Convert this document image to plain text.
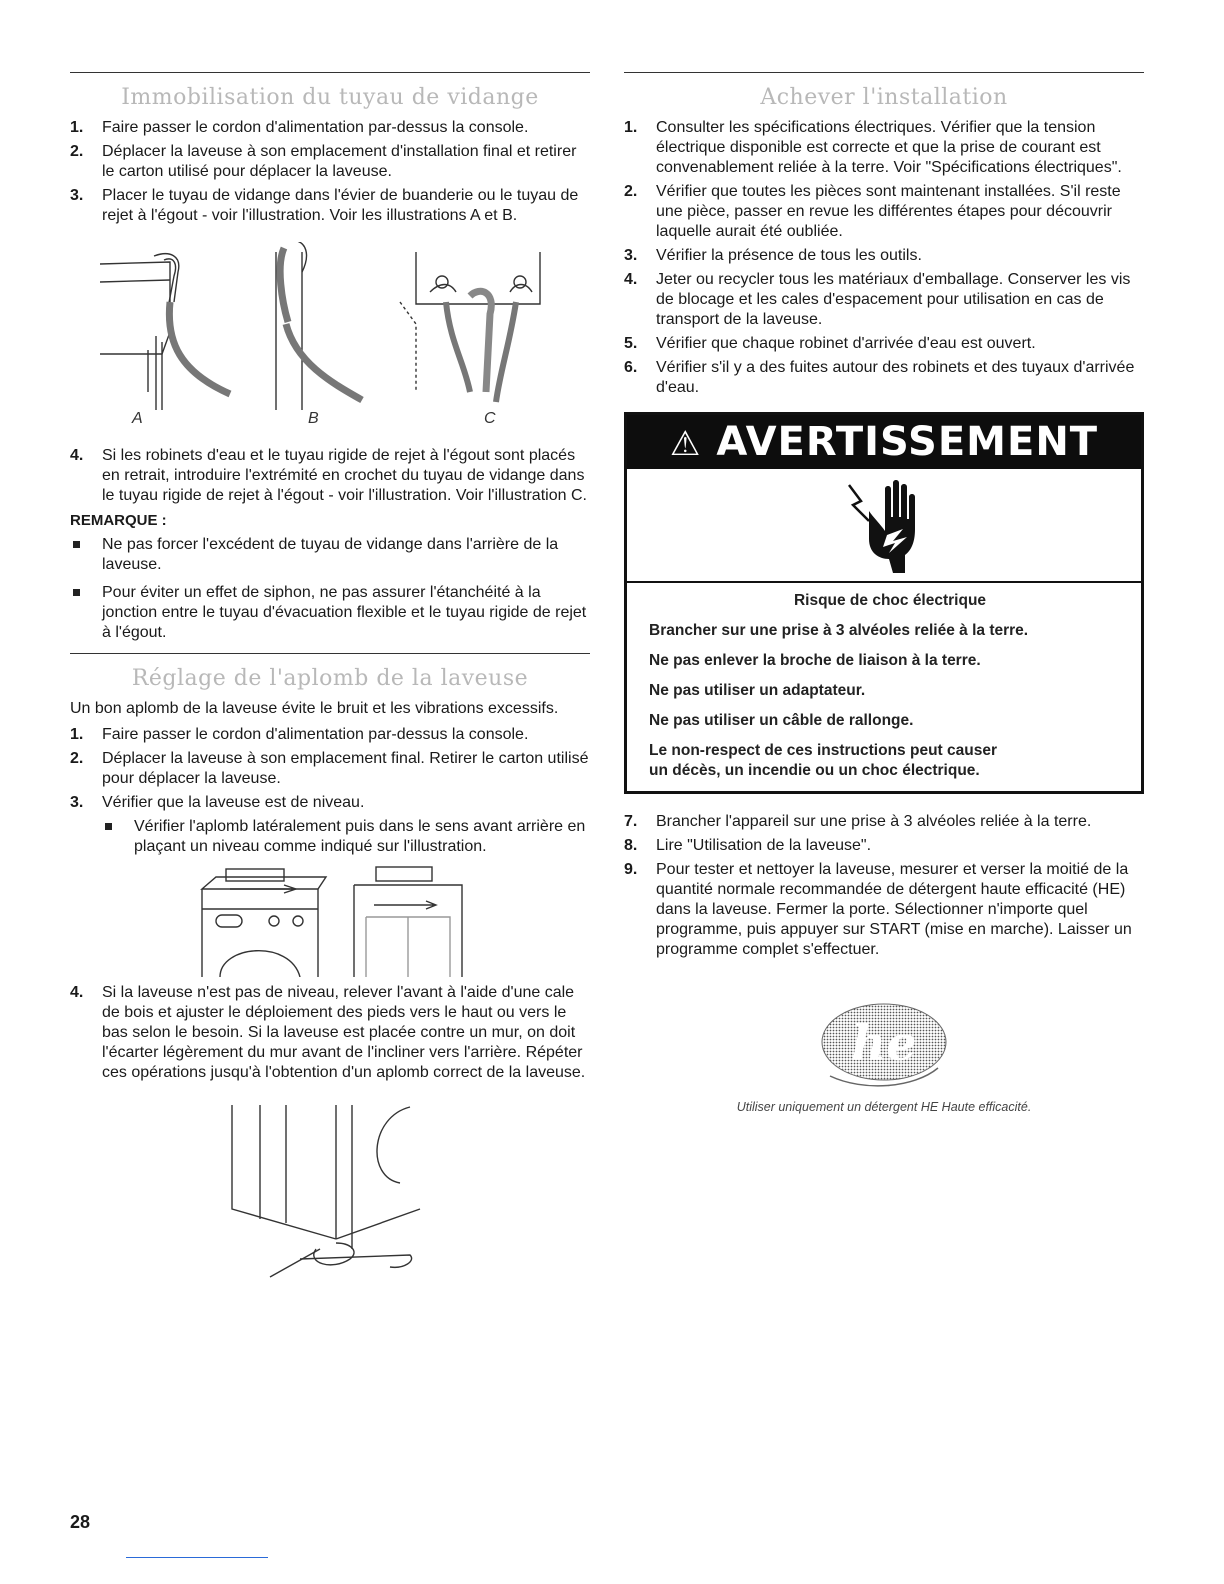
Immobilisation du tuyau de vidange
1. Faire passer le cordon d'alimentation par-dessus la console.
2. Déplacer la laveuse à son emplacement d'installation final et retirer le carton utilisé pour déplacer la laveuse.
3. Placer le tuyau de vidange dans l'évier de buanderie ou le tuyau de rejet à l'égout - voir l'illustration. Voir les illustrations A et B.
A	B	C
4. Si les robinets d'eau et le tuyau rigide de rejet à l'égout sont placés en retrait, introduire l'extrémité en crochet du tuyau de vidange dans le tuyau rigide de rejet à l'égout - voir l'illustration. Voir l'illustration C.
REMARQUE :
Ne pas forcer l'excédent de tuyau de vidange dans l'arrière de la laveuse.
Pour éviter un effet de siphon, ne pas assurer l'étanchéité à la jonction entre le tuyau d'évacuation flexible et le tuyau rigide de rejet à l'égout.
Réglage de l'aplomb de la laveuse

Un bon aplomb de la laveuse évite le bruit et les vibrations excessifs.

1. Faire passer le cordon d'alimentation par-dessus la console.
2. Déplacer la laveuse à son emplacement final. Retirer le carton utilisé pour déplacer la laveuse.
3. Vérifier que la laveuse est de niveau.
Vérifier l'aplomb latéralement puis dans le sens avant arrière en plaçant un niveau comme indiqué sur l'illustration.
4. Si la laveuse n'est pas de niveau, relever l'avant à l'aide d'une cale de bois et ajuster le déploiement des pieds vers le haut ou vers le bas selon le besoin. Si la laveuse est placée contre un mur, on doit l'écarter légèrement du mur avant de l'incliner vers l'arrière. Répéter ces opérations jusqu'à l'obtention d'un aplomb correct de la laveuse.
Achever l'installation
1. Consulter les spécifications électriques. Vérifier que la tension électrique disponible est correcte et que la prise de courant est convenablement reliée à la terre. Voir "Spécifications électriques".
2. Vérifier que toutes les pièces sont maintenant installées. S'il reste une pièce, passer en revue les différentes étapes pour découvrir laquelle aurait été oubliée.
3. Vérifier la présence de tous les outils.
4. Jeter ou recycler tous les matériaux d'emballage. Conserver les vis de blocage et les cales d'espacement pour utilisation en cas de transport de la laveuse.
5. Vérifier que chaque robinet d'arrivée d'eau est ouvert.
6. Vérifier s'il y a des fuites autour des robinets et des tuyaux d'arrivée d'eau.
⚠ AVERTISSEMENT
Risque de choc électrique
Brancher sur une prise à 3 alvéoles reliée à la terre.
Ne pas enlever la broche de liaison à la terre.
Ne pas utiliser un adaptateur.
Ne pas utiliser un câble de rallonge.
Le non-respect de ces instructions peut causer
un décès, un incendie ou un choc électrique.
7. Brancher l'appareil sur une prise à 3 alvéoles reliée à la terre.
8. Lire "Utilisation de la laveuse".
9. Pour tester et nettoyer la laveuse, mesurer et verser la moitié de la quantité normale recommandée de détergent haute efficacité (HE) dans la laveuse. Fermer la porte. Sélectionner n'importe quel programme, puis appuyer sur START (mise en marche). Laisser un programme complet s'effectuer.
he
Utiliser uniquement un détergent HE Haute efficacité.
28
